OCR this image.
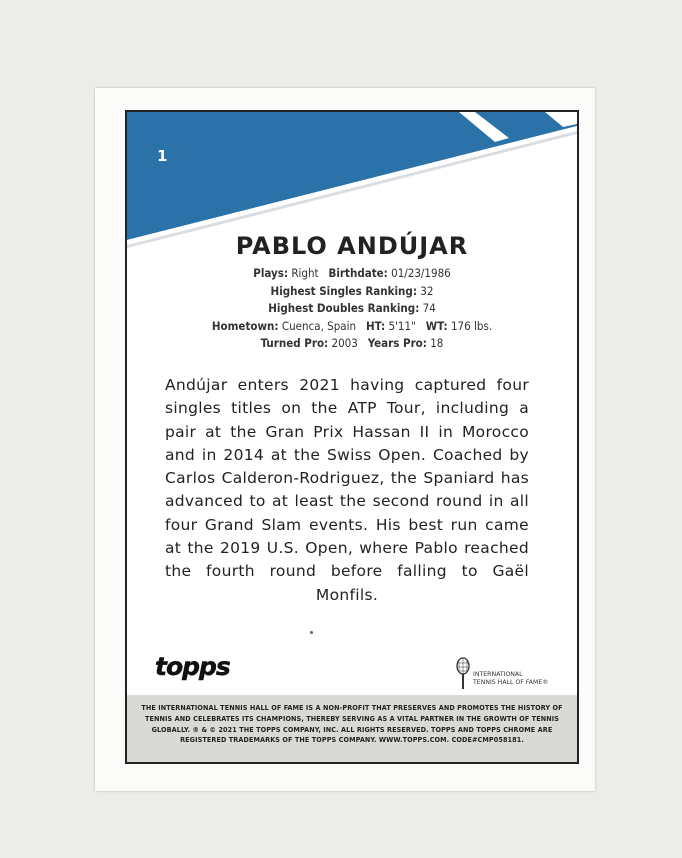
1
PABLO ANDÚJAR
Plays: Right Birthdate: 01/23/1986
Highest Singles Ranking: 32
Highest Doubles Ranking: 74
Hometown: Cuenca, Spain HT: 5'11" WT: 176 lbs.
Turned Pro: 2003 Years Pro: 18
Andújar enters 2021 having captured four singles titles on the ATP Tour, including a pair at the Gran Prix Hassan II in Morocco and in 2014 at the Swiss Open. Coached by Carlos Calderon-Rodriguez, the Spaniard has advanced to at least the second round in all four Grand Slam events. His best run came at the 2019 U.S. Open, where Pablo reached the fourth round before falling to Gaël Monfils.
topps	INTERNATIONAL
TENNIS HALL OF FAME®
THE INTERNATIONAL TENNIS HALL OF FAME IS A NON-PROFIT THAT PRESERVES AND PROMOTES THE HISTORY OF TENNIS AND CELEBRATES ITS CHAMPIONS, THEREBY SERVING AS A VITAL PARTNER IN THE GROWTH OF TENNIS GLOBALLY. ® & © 2021 THE TOPPS COMPANY, INC. ALL RIGHTS RESERVED. TOPPS AND TOPPS CHROME ARE REGISTERED TRADEMARKS OF THE TOPPS COMPANY. WWW.TOPPS.COM. CODE#CMP058181.
